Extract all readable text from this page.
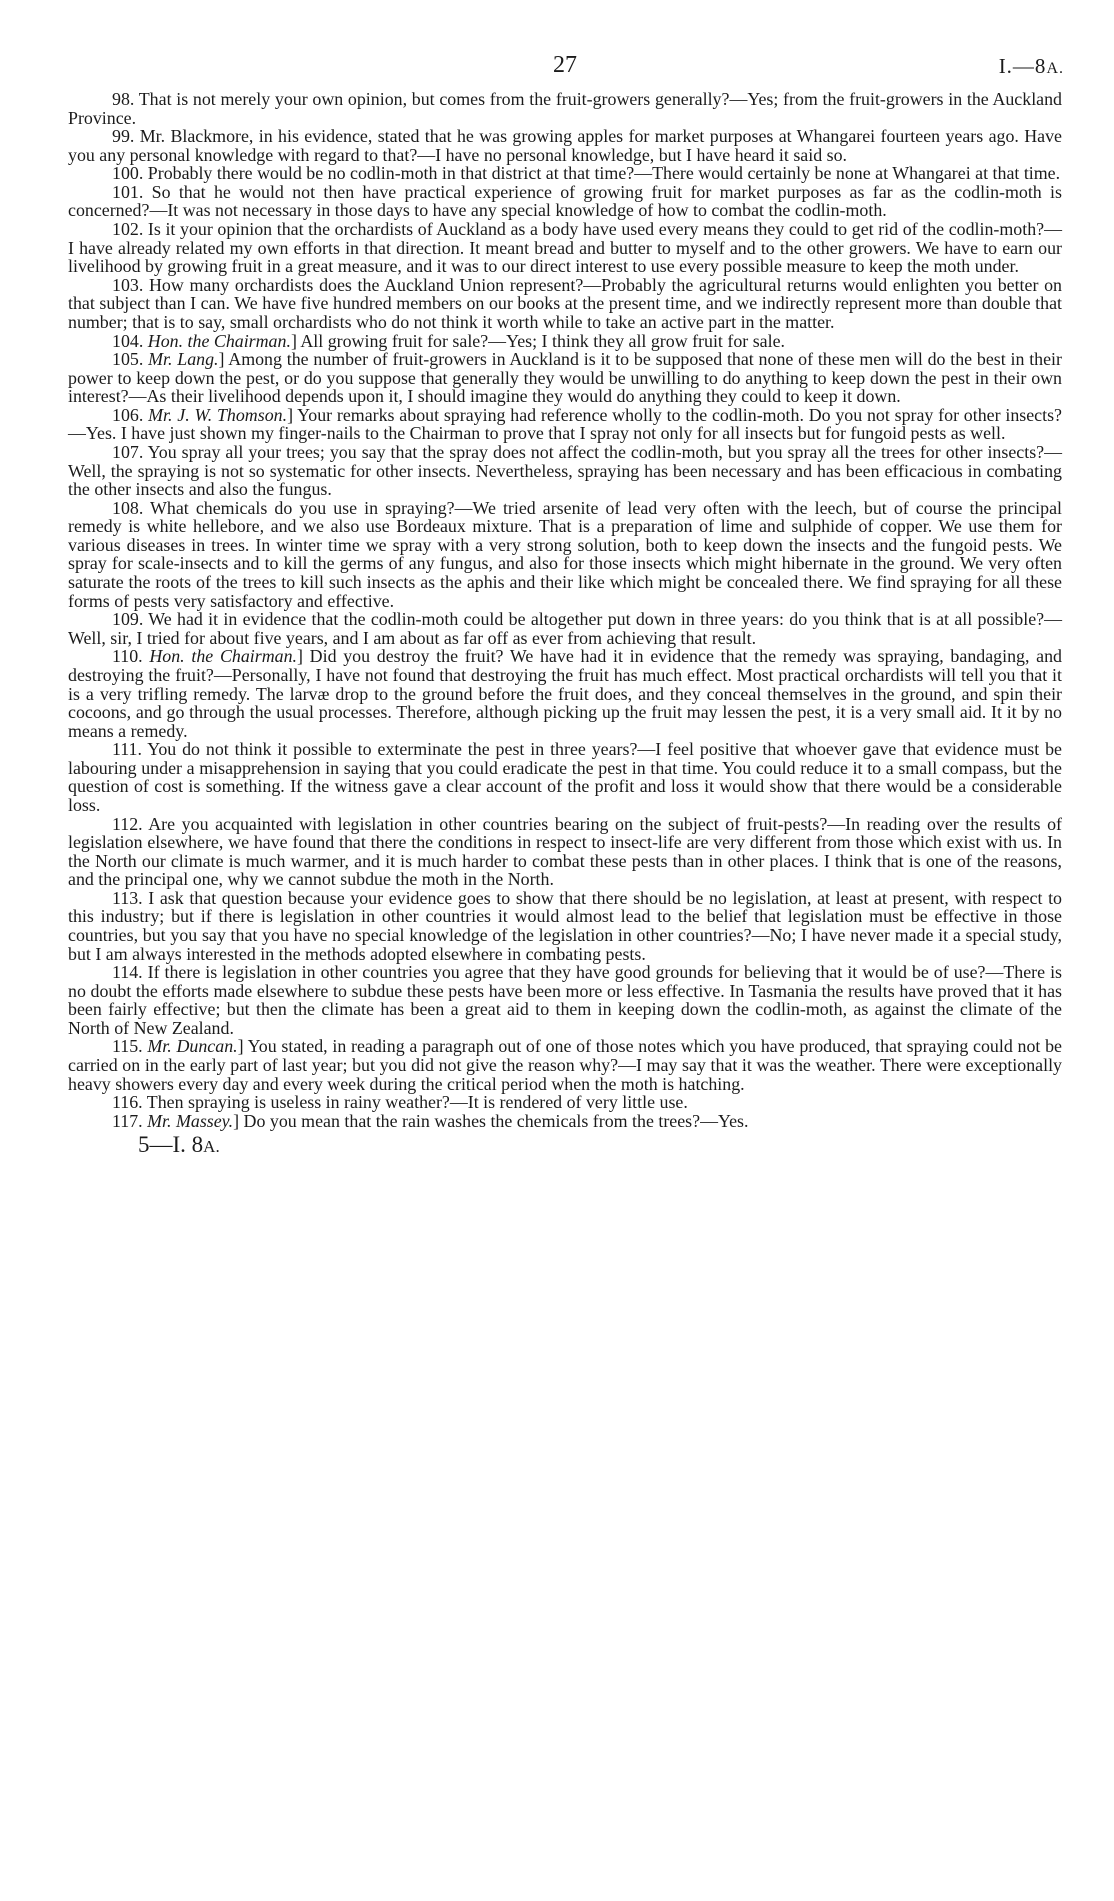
27	I.—8A.

98. That is not merely your own opinion, but comes from the fruit-growers generally?—Yes; from the fruit-growers in the Auckland Province.

99. Mr. Blackmore, in his evidence, stated that he was growing apples for market purposes at Whangarei fourteen years ago. Have you any personal knowledge with regard to that?—I have no personal knowledge, but I have heard it said so.

100. Probably there would be no codlin-moth in that district at that time?—There would certainly be none at Whangarei at that time.

101. So that he would not then have practical experience of growing fruit for market purposes as far as the codlin-moth is concerned?—It was not necessary in those days to have any special knowledge of how to combat the codlin-moth.

102. Is it your opinion that the orchardists of Auckland as a body have used every means they could to get rid of the codlin-moth?—I have already related my own efforts in that direction. It meant bread and butter to myself and to the other growers. We have to earn our livelihood by growing fruit in a great measure, and it was to our direct interest to use every possible measure to keep the moth under.

103. How many orchardists does the Auckland Union represent?—Probably the agricultural returns would enlighten you better on that subject than I can. We have five hundred members on our books at the present time, and we indirectly represent more than double that number; that is to say, small orchardists who do not think it worth while to take an active part in the matter.

104. Hon. the Chairman.] All growing fruit for sale?—Yes; I think they all grow fruit for sale.

105. Mr. Lang.] Among the number of fruit-growers in Auckland is it to be supposed that none of these men will do the best in their power to keep down the pest, or do you suppose that generally they would be unwilling to do anything to keep down the pest in their own interest?—As their livelihood depends upon it, I should imagine they would do anything they could to keep it down.

106. Mr. J. W. Thomson.] Your remarks about spraying had reference wholly to the codlin-moth. Do you not spray for other insects?—Yes. I have just shown my finger-nails to the Chairman to prove that I spray not only for all insects but for fungoid pests as well.

107. You spray all your trees; you say that the spray does not affect the codlin-moth, but you spray all the trees for other insects?—Well, the spraying is not so systematic for other insects. Nevertheless, spraying has been necessary and has been efficacious in combating the other insects and also the fungus.

108. What chemicals do you use in spraying?—We tried arsenite of lead very often with the leech, but of course the principal remedy is white hellebore, and we also use Bordeaux mixture. That is a preparation of lime and sulphide of copper. We use them for various diseases in trees. In winter time we spray with a very strong solution, both to keep down the insects and the fungoid pests. We spray for scale-insects and to kill the germs of any fungus, and also for those insects which might hibernate in the ground. We very often saturate the roots of the trees to kill such insects as the aphis and their like which might be concealed there. We find spraying for all these forms of pests very satisfactory and effective.

109. We had it in evidence that the codlin-moth could be altogether put down in three years: do you think that is at all possible?—Well, sir, I tried for about five years, and I am about as far off as ever from achieving that result.

110. Hon. the Chairman.] Did you destroy the fruit? We have had it in evidence that the remedy was spraying, bandaging, and destroying the fruit?—Personally, I have not found that destroying the fruit has much effect. Most practical orchardists will tell you that it is a very trifling remedy. The larvæ drop to the ground before the fruit does, and they conceal themselves in the ground, and spin their cocoons, and go through the usual processes. Therefore, although picking up the fruit may lessen the pest, it is a very small aid. It it by no means a remedy.

111. You do not think it possible to exterminate the pest in three years?—I feel positive that whoever gave that evidence must be labouring under a misapprehension in saying that you could eradicate the pest in that time. You could reduce it to a small compass, but the question of cost is something. If the witness gave a clear account of the profit and loss it would show that there would be a considerable loss.

112. Are you acquainted with legislation in other countries bearing on the subject of fruit-pests?—In reading over the results of legislation elsewhere, we have found that there the conditions in respect to insect-life are very different from those which exist with us. In the North our climate is much warmer, and it is much harder to combat these pests than in other places. I think that is one of the reasons, and the principal one, why we cannot subdue the moth in the North.

113. I ask that question because your evidence goes to show that there should be no legislation, at least at present, with respect to this industry; but if there is legislation in other countries it would almost lead to the belief that legislation must be effective in those countries, but you say that you have no special knowledge of the legislation in other countries?—No; I have never made it a special study, but I am always interested in the methods adopted elsewhere in combating pests.

114. If there is legislation in other countries you agree that they have good grounds for believing that it would be of use?—There is no doubt the efforts made elsewhere to subdue these pests have been more or less effective. In Tasmania the results have proved that it has been fairly effective; but then the climate has been a great aid to them in keeping down the codlin-moth, as against the climate of the North of New Zealand.

115. Mr. Duncan.] You stated, in reading a paragraph out of one of those notes which you have produced, that spraying could not be carried on in the early part of last year; but you did not give the reason why?—I may say that it was the weather. There were exceptionally heavy showers every day and every week during the critical period when the moth is hatching.

116. Then spraying is useless in rainy weather?—It is rendered of very little use.

117. Mr. Massey.] Do you mean that the rain washes the chemicals from the trees?—Yes.

5—I. 8A.
